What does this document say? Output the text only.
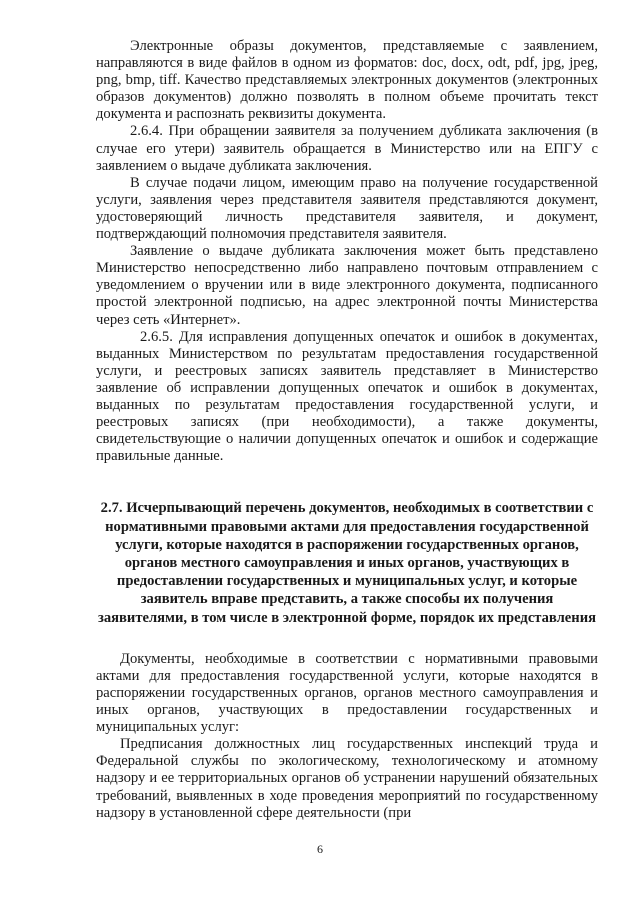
Электронные образы документов, представляемые с заявлением, направляются в виде файлов в одном из форматов: doc, docx, odt, pdf, jpg, jpeg, png, bmp, tiff. Качество представляемых электронных документов (электронных образов документов) должно позволять в полном объеме прочитать текст документа и распознать реквизиты документа.

2.6.4. При обращении заявителя за получением дубликата заключения (в случае его утери) заявитель обращается в Министерство или на ЕПГУ с заявлением о выдаче дубликата заключения.

В случае подачи лицом, имеющим право на получение государственной услуги, заявления через представителя заявителя представляются документ, удостоверяющий личность представителя заявителя, и документ, подтверждающий полномочия представителя заявителя.

Заявление о выдаче дубликата заключения может быть представлено Министерство непосредственно либо направлено почтовым отправлением с уведомлением о вручении или в виде электронного документа, подписанного простой электронной подписью, на адрес электронной почты Министерства через сеть «Интернет».

2.6.5. Для исправления допущенных опечаток и ошибок в документах, выданных Министерством по результатам предоставления государственной услуги, и реестровых записях заявитель представляет в Министерство заявление об исправлении допущенных опечаток и ошибок в документах, выданных по результатам предоставления государственной услуги, и реестровых записях (при необходимости), а также документы, свидетельствующие о наличии допущенных опечаток и ошибок и содержащие правильные данные.

2.7. Исчерпывающий перечень документов, необходимых в соответствии с нормативными правовыми актами для предоставления государственной услуги, которые находятся в распоряжении государственных органов, органов местного самоуправления и иных органов, участвующих в предоставлении государственных и муниципальных услуг, и которые заявитель вправе представить, а также способы их получения заявителями, в том числе в электронной форме, порядок их представления

Документы, необходимые в соответствии с нормативными правовыми актами для предоставления государственной услуги, которые находятся в распоряжении государственных органов, органов местного самоуправления и иных органов, участвующих в предоставлении государственных и муниципальных услуг:

Предписания должностных лиц государственных инспекций труда и Федеральной службы по экологическому, технологическому и атомному надзору и ее территориальных органов об устранении нарушений обязательных требований, выявленных в ходе проведения мероприятий по государственному надзору в установленной сфере деятельности (при

6
